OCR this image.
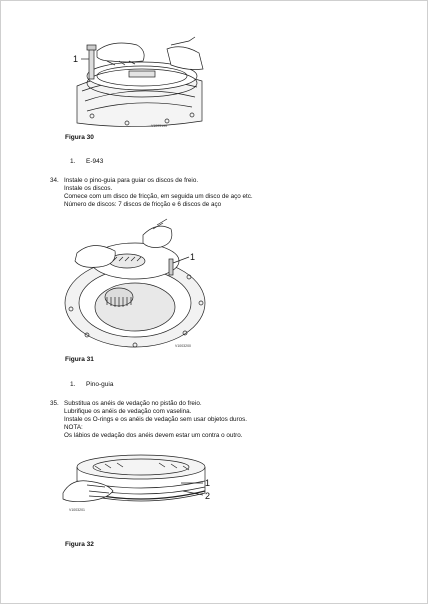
1
V1003199
Figura 30
1. E-943
34. Instale o pino-guia para guiar os discos de freio.
Instale os discos.
Comece com um disco de fricção, em seguida um disco de aço etc.
Número de discos: 7 discos de fricção e 6 discos de aço
1
V1003200
Figura 31
1. Pino-guia
35. Substitua os anéis de vedação no pistão do freio.
Lubrifique os anéis de vedação com vaselina.
Instale os O-rings e os anéis de vedação sem usar objetos duros.
NOTA:
Os lábios de vedação dos anéis devem estar um contra o outro.
1
2
V1003201
Figura 32
